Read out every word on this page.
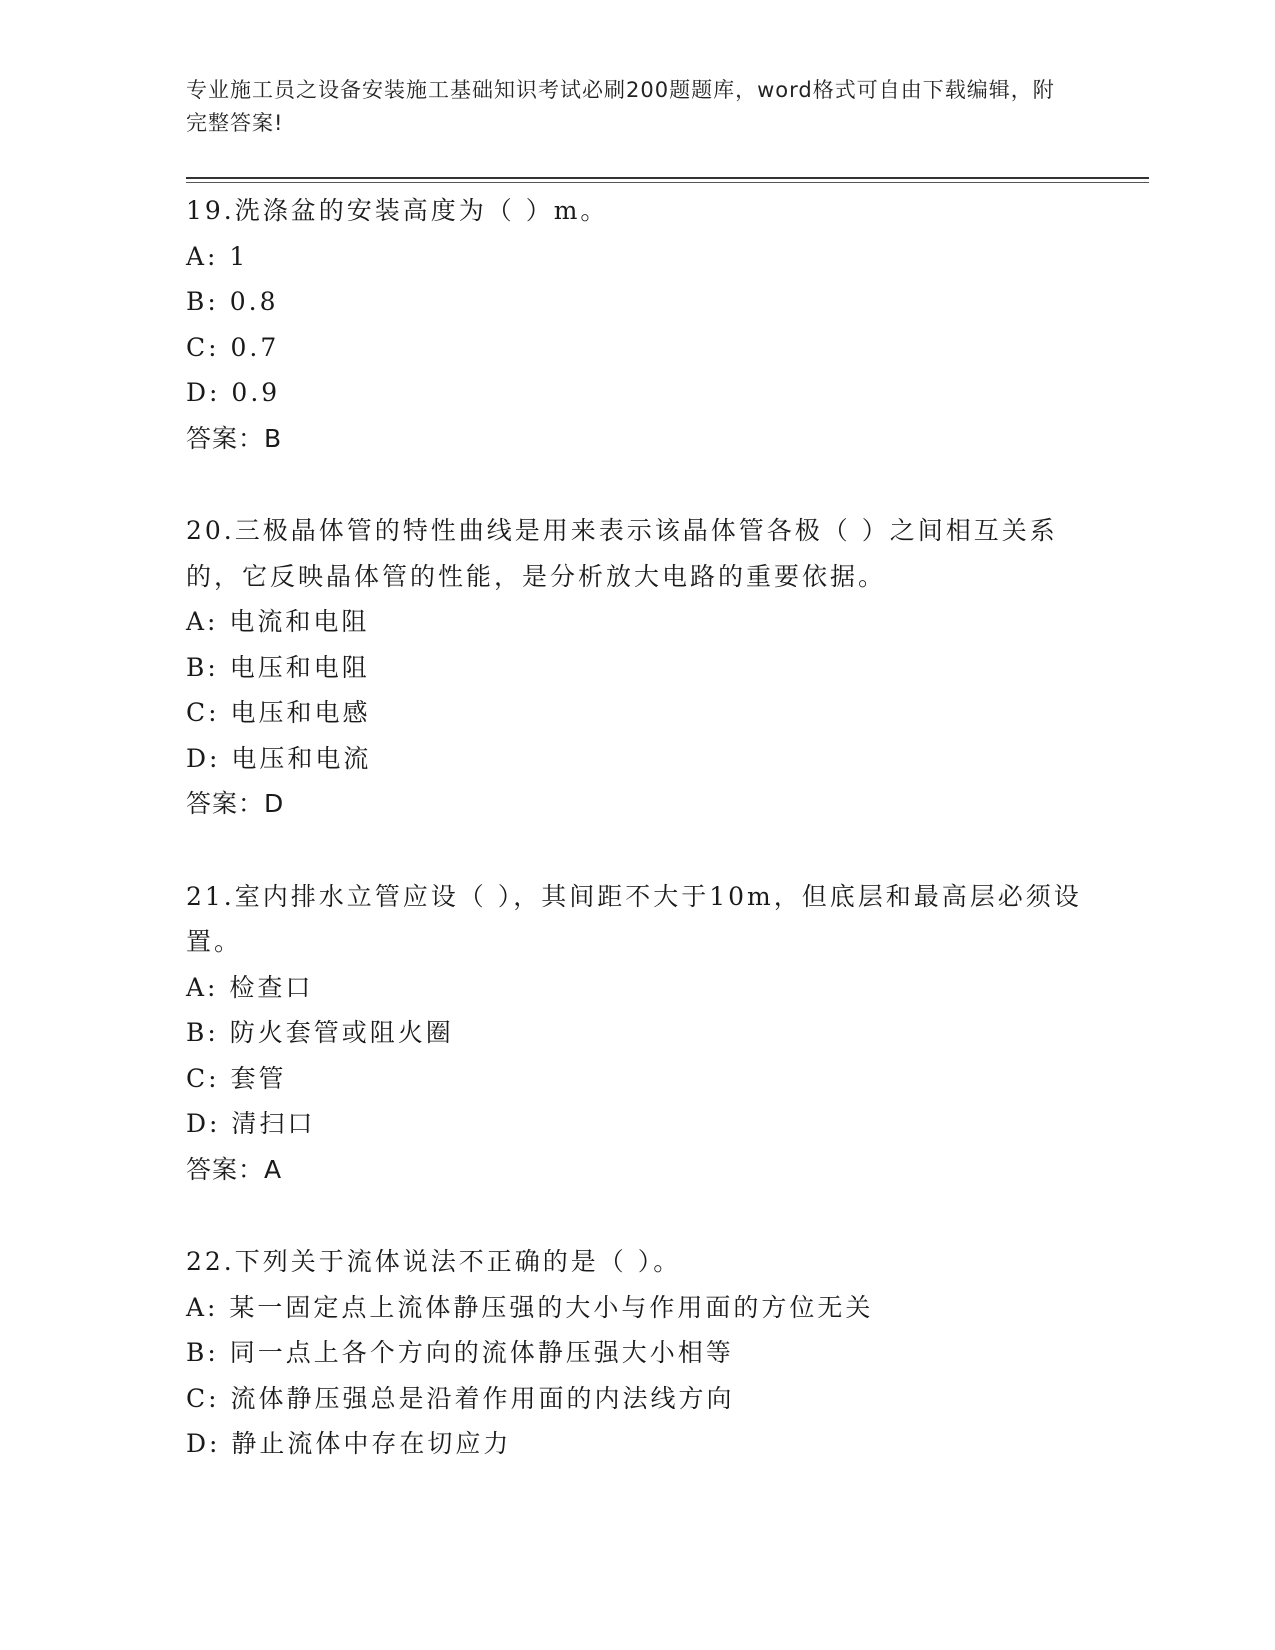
专业施工员之设备安装施工基础知识考试必刷200题题库，word格式可自由下载编辑，附完整答案!
19.洗涤盆的安装高度为（ ）m。
A: 1
B: 0.8
C: 0.7
D: 0.9
答案：B
20.三极晶体管的特性曲线是用来表示该晶体管各极（ ）之间相互关系的，它反映晶体管的性能，是分析放大电路的重要依据。
A: 电流和电阻
B: 电压和电阻
C: 电压和电感
D: 电压和电流
答案：D
21.室内排水立管应设（ ），其间距不大于10m，但底层和最高层必须设置。
A: 检查口
B: 防火套管或阻火圈
C: 套管
D: 清扫口
答案：A
22.下列关于流体说法不正确的是（ ）。
A: 某一固定点上流体静压强的大小与作用面的方位无关
B: 同一点上各个方向的流体静压强大小相等
C: 流体静压强总是沿着作用面的内法线方向
D: 静止流体中存在切应力
